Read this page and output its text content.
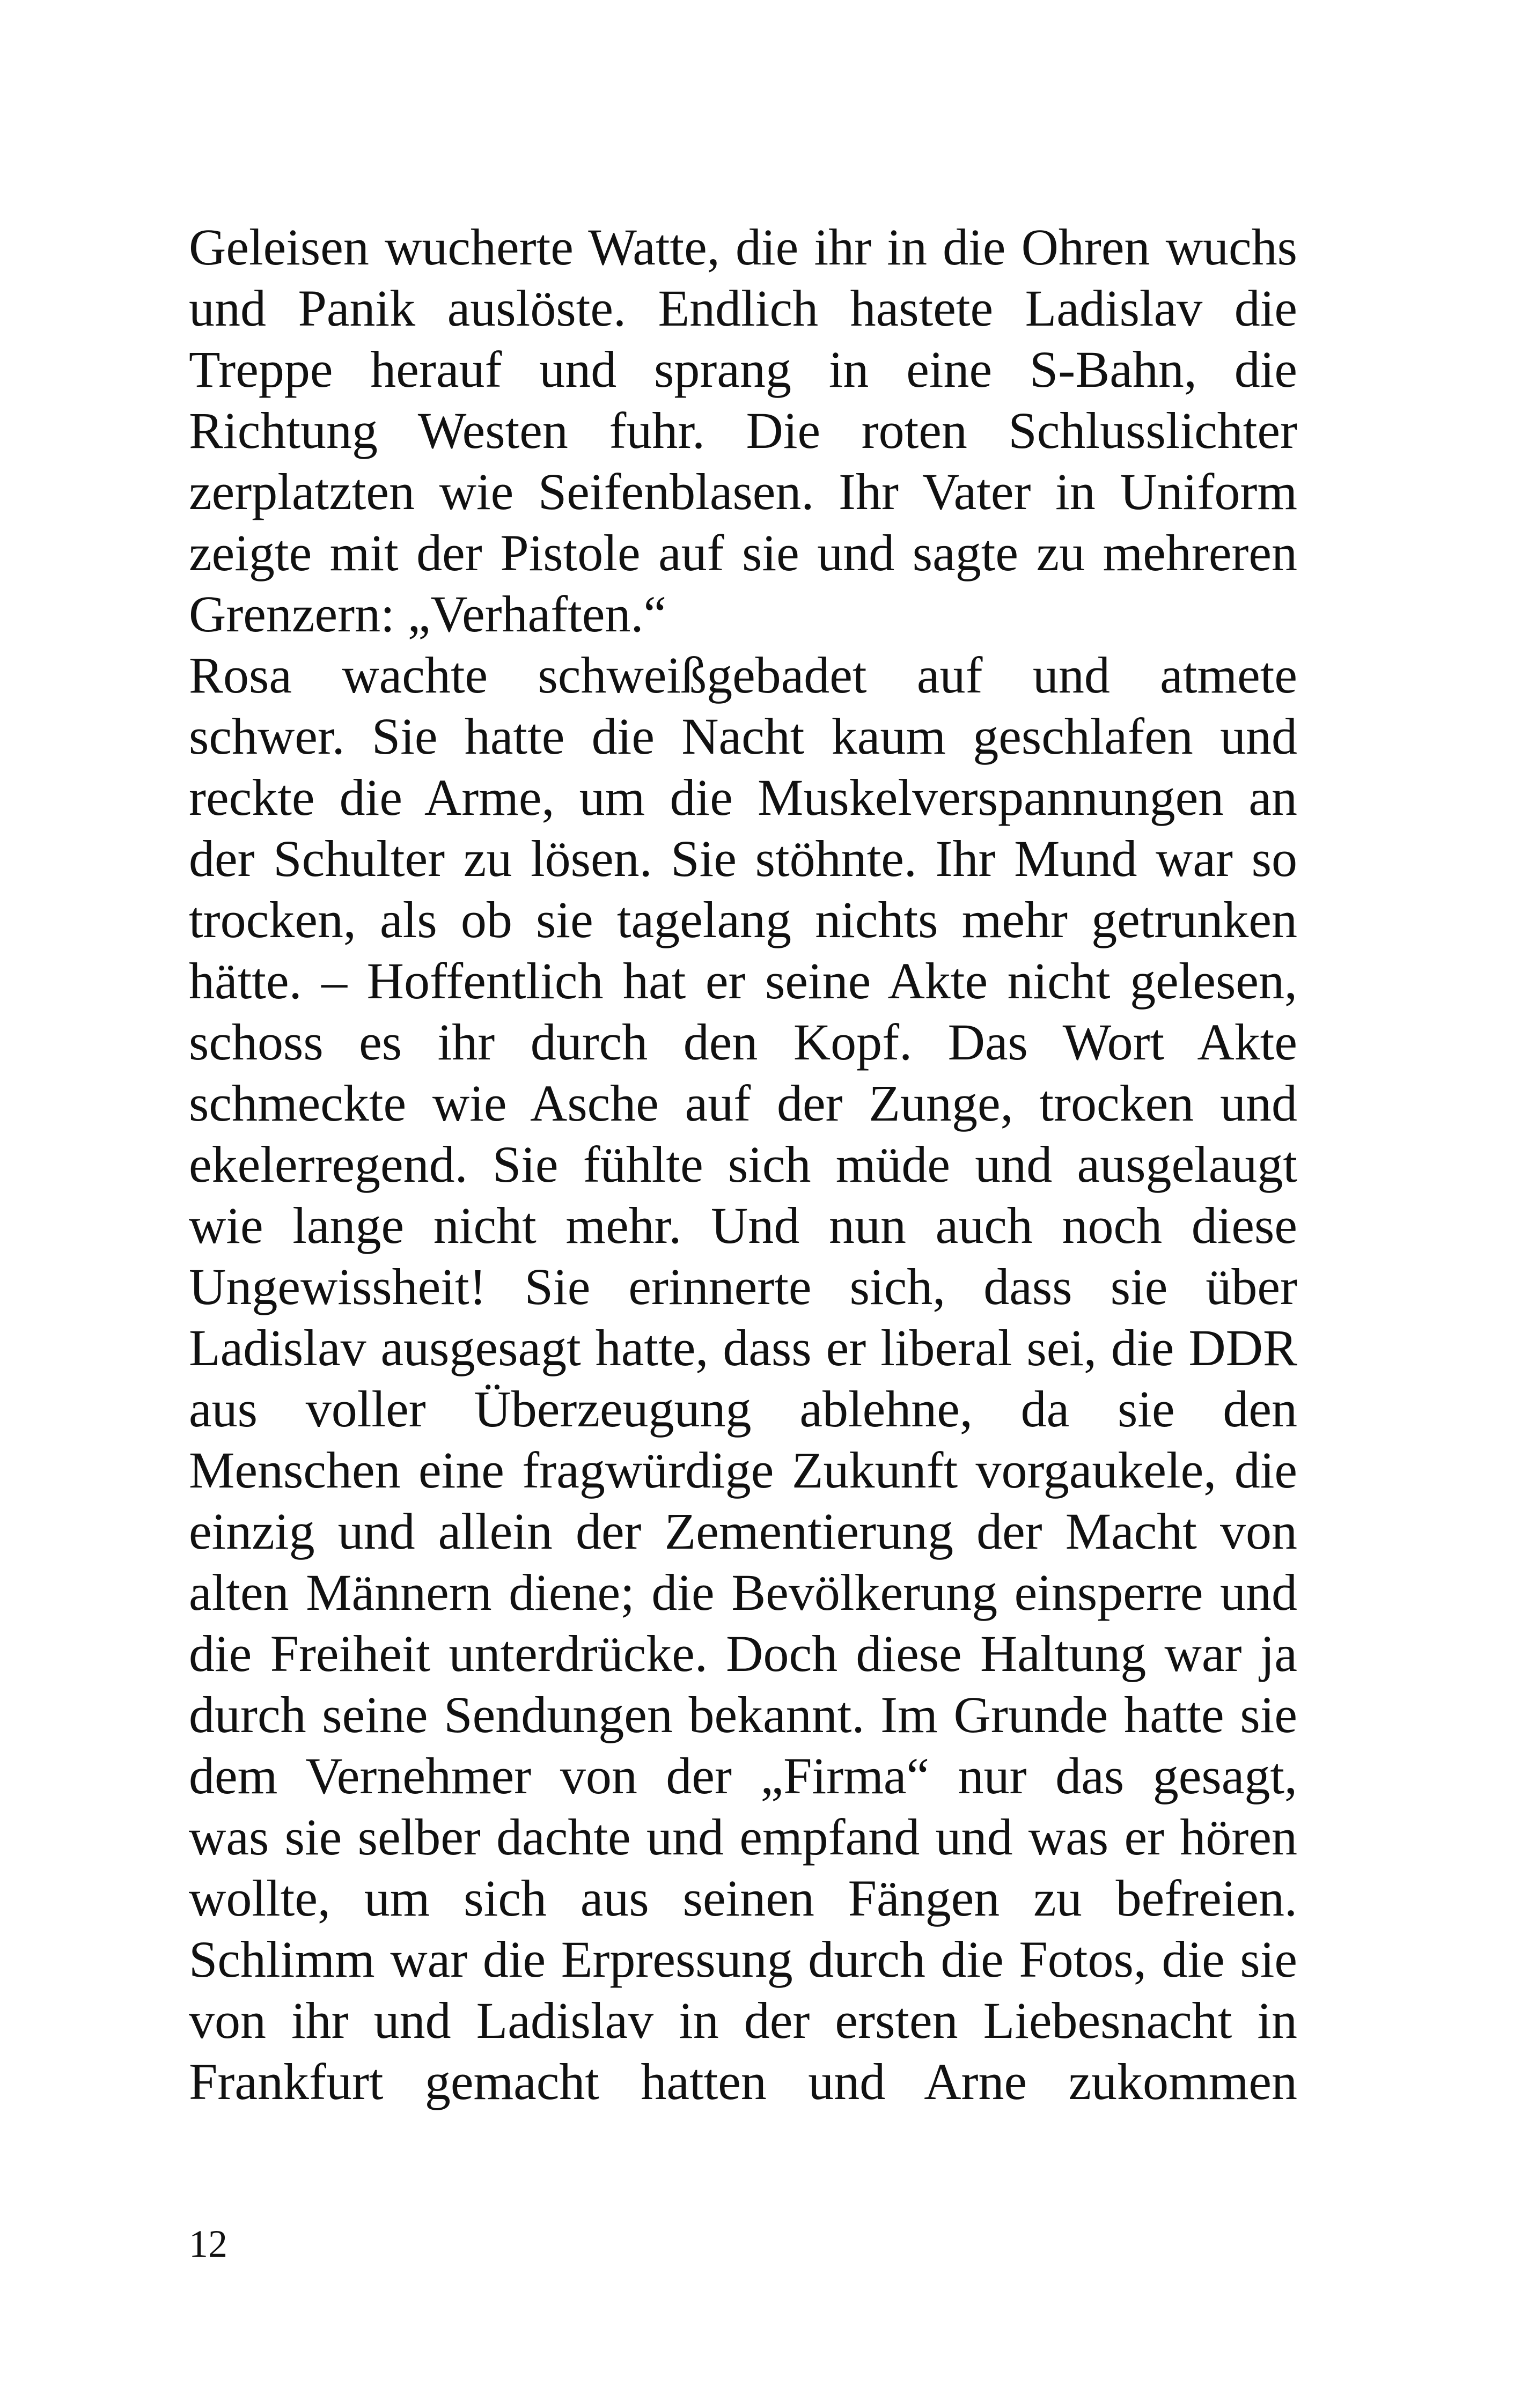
Geleisen wucherte Watte, die ihr in die Ohren wuchs
und Panik auslöste. Endlich hastete Ladislav die
Treppe herauf und sprang in eine S-Bahn, die
Richtung Westen fuhr. Die roten Schlusslichter
zerplatzten wie Seifenblasen. Ihr Vater in Uniform
zeigte mit der Pistole auf sie und sagte zu mehreren
Grenzern: „Verhaften.“
Rosa wachte schweißgebadet auf und atmete
schwer. Sie hatte die Nacht kaum geschlafen und
reckte die Arme, um die Muskelverspannungen an
der Schulter zu lösen. Sie stöhnte. Ihr Mund war so
trocken, als ob sie tagelang nichts mehr getrunken
hätte. – Hoffentlich hat er seine Akte nicht gelesen,
schoss es ihr durch den Kopf. Das Wort Akte
schmeckte wie Asche auf der Zunge, trocken und
ekelerregend. Sie fühlte sich müde und ausgelaugt
wie lange nicht mehr. Und nun auch noch diese
Ungewissheit! Sie erinnerte sich, dass sie über
Ladislav ausgesagt hatte, dass er liberal sei, die DDR
aus voller Überzeugung ablehne, da sie den
Menschen eine fragwürdige Zukunft vorgaukele, die
einzig und allein der Zementierung der Macht von
alten Männern diene; die Bevölkerung einsperre und
die Freiheit unterdrücke. Doch diese Haltung war ja
durch seine Sendungen bekannt. Im Grunde hatte sie
dem Vernehmer von der „Firma“ nur das gesagt,
was sie selber dachte und empfand und was er hören
wollte, um sich aus seinen Fängen zu befreien.
Schlimm war die Erpressung durch die Fotos, die sie
von ihr und Ladislav in der ersten Liebesnacht in
Frankfurt gemacht hatten und Arne zukommen
12
